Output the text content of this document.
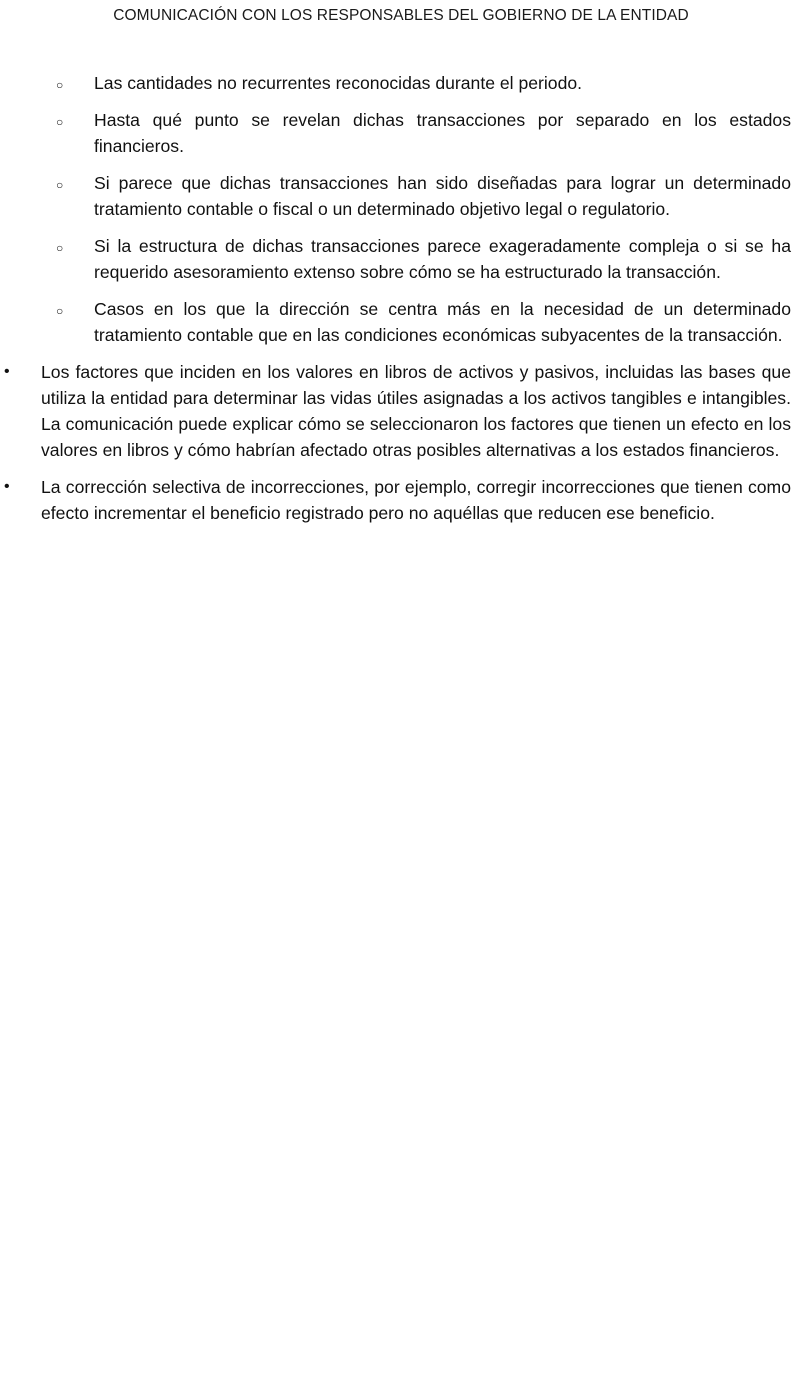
COMUNICACIÓN CON LOS RESPONSABLES DEL GOBIERNO DE LA ENTIDAD
○ Las cantidades no recurrentes reconocidas durante el periodo.
○ Hasta qué punto se revelan dichas transacciones por separado en los estados financieros.
○ Si parece que dichas transacciones han sido diseñadas para lograr un determinado tratamiento contable o fiscal o un determinado objetivo legal o regulatorio.
○ Si la estructura de dichas transacciones parece exageradamente compleja o si se ha requerido asesoramiento extenso sobre cómo se ha estructurado la transacción.
○ Casos en los que la dirección se centra más en la necesidad de un determinado tratamiento contable que en las condiciones económicas subyacentes de la transacción.
• Los factores que inciden en los valores en libros de activos y pasivos, incluidas las bases que utiliza la entidad para determinar las vidas útiles asignadas a los activos tangibles e intangibles. La comunicación puede explicar cómo se seleccionaron los factores que tienen un efecto en los valores en libros y cómo habrían afectado otras posibles alternativas a los estados financieros.
• La corrección selectiva de incorrecciones, por ejemplo, corregir incorrecciones que tienen como efecto incrementar el beneficio registrado pero no aquéllas que reducen ese beneficio.
